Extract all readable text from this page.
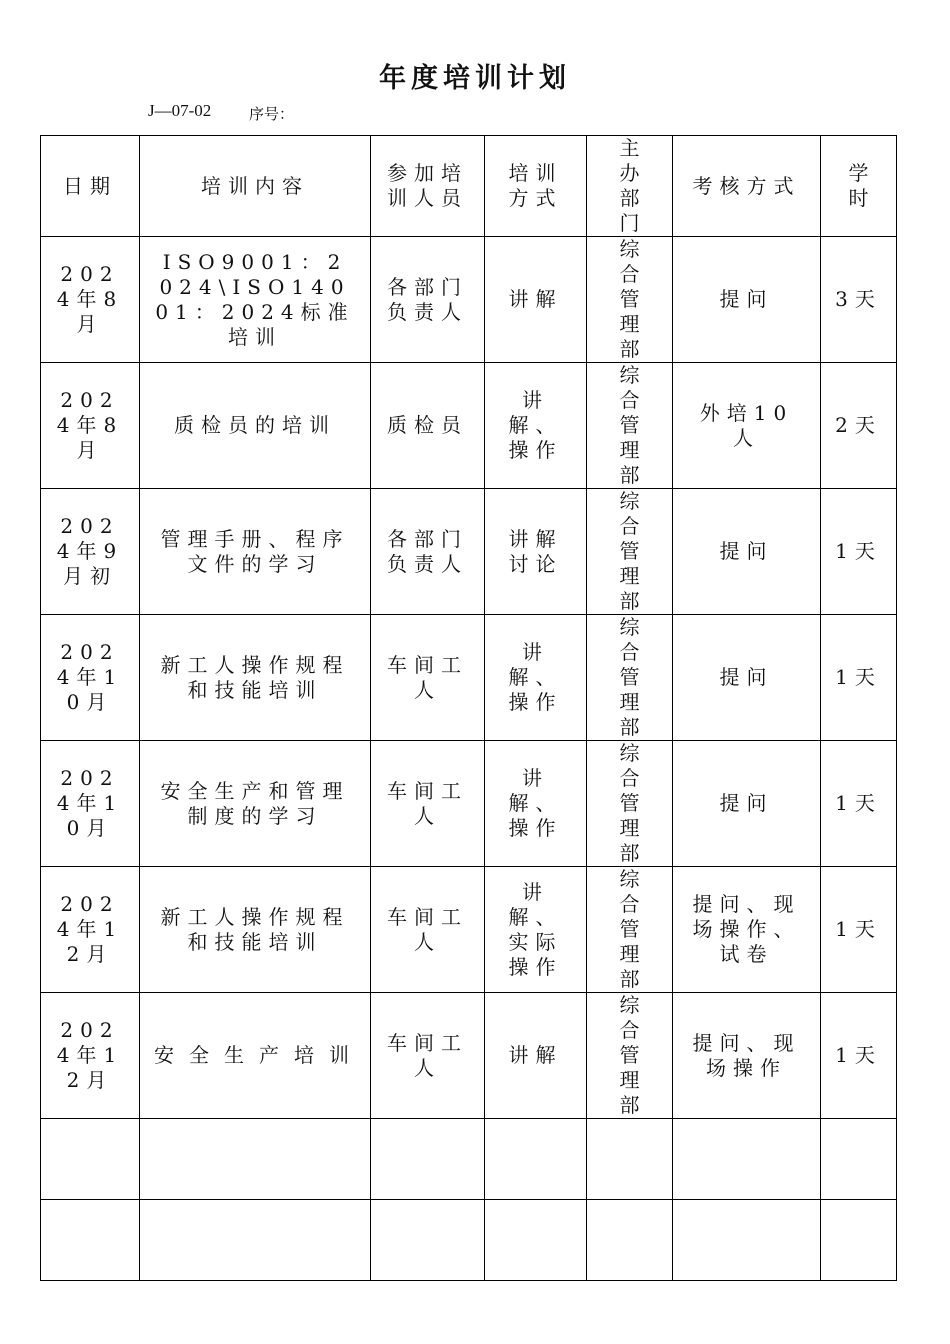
年度培训计划
J—07-02	序号：
日期	培训内容	参加培训人员	培训方式	主办部门	考核方式	学时

2024年8月	ISO9001：2024\ISO14001：2024标准培训	各部门负责人	讲解	综合管理部	提问	3天
2024年8月	质检员的培训	质检员	讲解、操作	综合管理部	外培10人	2天
2024年9月初	管理手册、程序文件的学习	各部门负责人	讲解讨论	综合管理部	提问	1天
2024年10月	新工人操作规程和技能培训	车间工人	讲解、操作	综合管理部	提问	1天
2024年10月	安全生产和管理制度的学习	车间工人	讲解、操作	综合管理部	提问	1天
2024年12月	新工人操作规程和技能培训	车间工人	讲解、实际操作	综合管理部	提问、现场操作、试卷	1天
2024年12月	安全生产培训	车间工人	讲解	综合管理部	提问、现场操作	1天
